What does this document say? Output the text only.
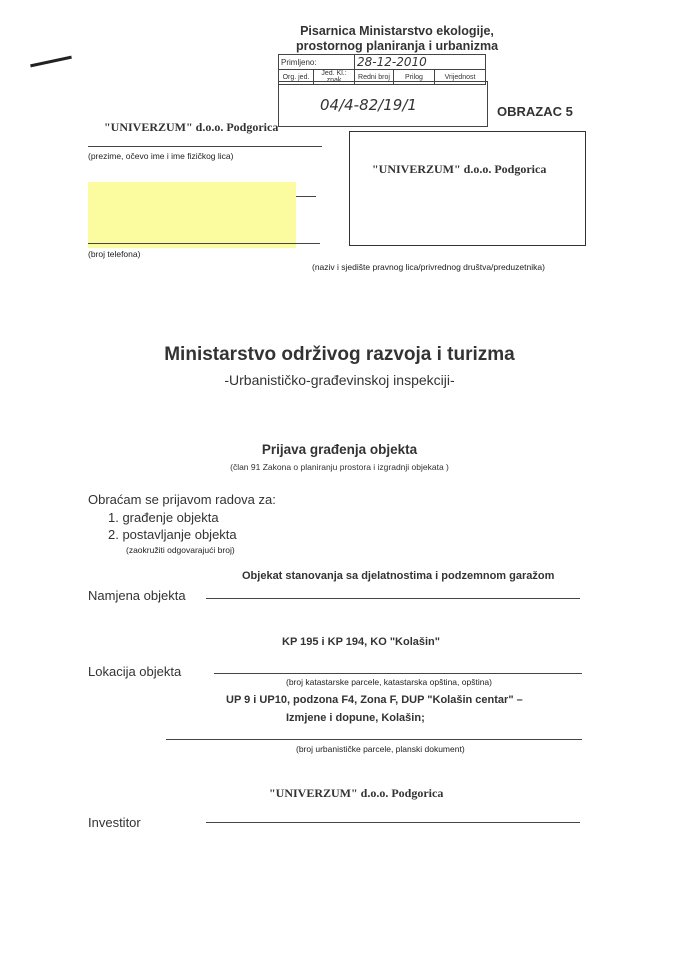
Pisarnica Ministarstvo ekologije, prostornog planiranja i urbanizma
Primljeno:		28-12-2010		
Org. jed.	Jed. Kl.: znak	Redni broj	Prilog	Vrijednost
04/4-82/19/1	OBRAZAC 5
"UNIVERZUM" d.o.o. Podgorica
(prezime, očevo ime i ime fizičkog lica)
(broj telefona)
"UNIVERZUM" d.o.o. Podgorica
(naziv i sjedište pravnog lica/privrednog društva/preduzetnika)
Ministarstvo održivog razvoja i turizma
-Urbanističko-građevinskoj inspekciji-
Prijava građenja objekta
(član 91 Zakona o planiranju prostora i izgradnji objekata )
Obraćam se prijavom radova za:
1. građenje objekta
2. postavljanje objekta
(zaokružiti odgovarajući broj)
Objekat stanovanja sa djelatnostima i podzemnom garažom
Namjena objekta
KP 195 i KP 194, KO "Kolašin"
Lokacija objekta
(broj katastarske parcele, katastarska opština, opština)
UP 9 i UP10, podzona F4, Zona F, DUP "Kolašin centar" –
Izmjene i dopune, Kolašin;
(broj urbanističke parcele, planski dokument)
"UNIVERZUM" d.o.o. Podgorica
Investitor
